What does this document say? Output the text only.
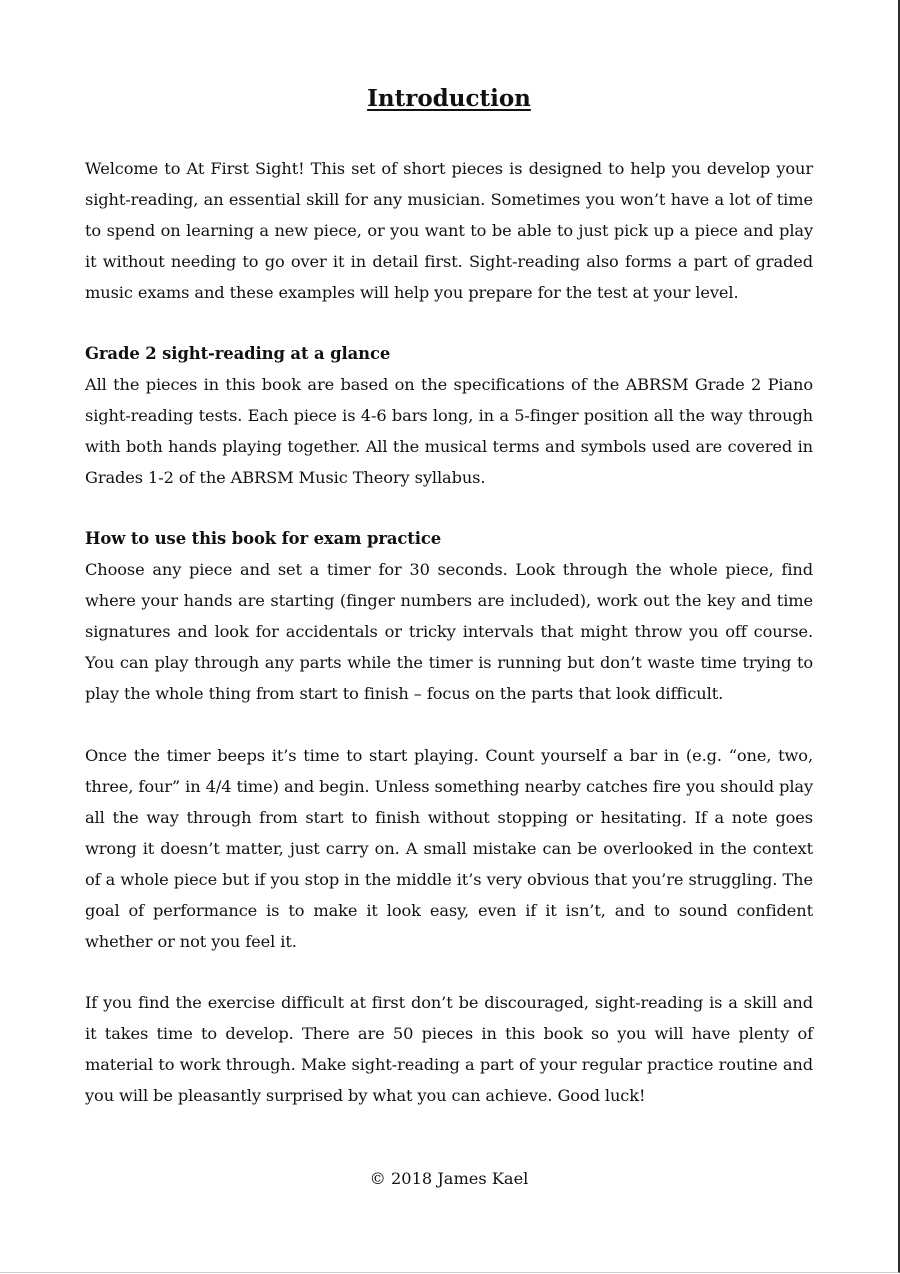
Introduction

Welcome to At First Sight! This set of short pieces is designed to help you develop your sight-reading, an essential skill for any musician. Sometimes you won’t have a lot of time to spend on learning a new piece, or you want to be able to just pick up a piece and play it without needing to go over it in detail first. Sight-reading also forms a part of graded music exams and these examples will help you prepare for the test at your level.

Grade 2 sight-reading at a glance
All the pieces in this book are based on the specifications of the ABRSM Grade 2 Piano sight-reading tests. Each piece is 4-6 bars long, in a 5-finger position all the way through with both hands playing together. All the musical terms and symbols used are covered in Grades 1-2 of the ABRSM Music Theory syllabus.
How to use this book for exam practice
Choose any piece and set a timer for 30 seconds. Look through the whole piece, find where your hands are starting (finger numbers are included), work out the key and time signatures and look for accidentals or tricky intervals that might throw you off course. You can play through any parts while the timer is running but don’t waste time trying to play the whole thing from start to finish – focus on the parts that look difficult.

Once the timer beeps it’s time to start playing. Count yourself a bar in (e.g. “one, two, three, four” in 4/4 time) and begin. Unless something nearby catches fire you should play all the way through from start to finish without stopping or hesitating. If a note goes wrong it doesn’t matter, just carry on. A small mistake can be overlooked in the context of a whole piece but if you stop in the middle it’s very obvious that you’re struggling. The goal of performance is to make it look easy, even if it isn’t, and to sound confident whether or not you feel it.

If you find the exercise difficult at first don’t be discouraged, sight-reading is a skill and it takes time to develop. There are 50 pieces in this book so you will have plenty of material to work through. Make sight-reading a part of your regular practice routine and you will be pleasantly surprised by what you can achieve. Good luck!

© 2018 James Kael
